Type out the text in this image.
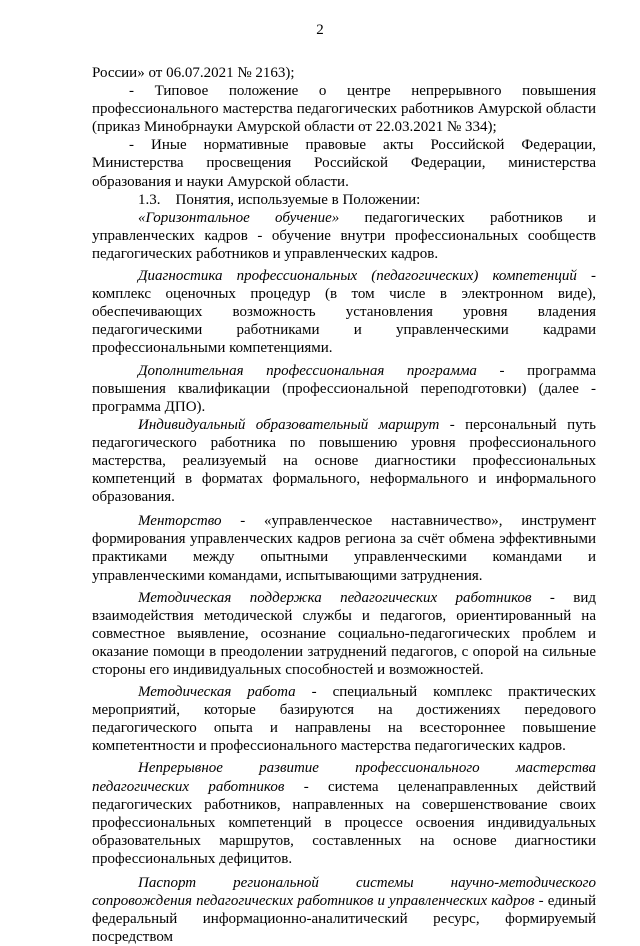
2

России» от 06.07.2021 № 2163);

- Типовое положение о центре непрерывного повышения профессионального мастерства педагогических работников Амурской области (приказ Минобрнауки Амурской области от 22.03.2021 № 334);

- Иные нормативные правовые акты Российской Федерации, Министерства просвещения Российской Федерации, министерства образования и науки Амурской области.

1.3.    Понятия, используемые в Положении:

«Горизонтальное обучение» педагогических работников и управленческих кадров - обучение внутри профессиональных сообществ педагогических работников и управленческих кадров.

Диагностика профессиональных (педагогических) компетенций - комплекс оценочных процедур (в том числе в электронном виде), обеспечивающих возможность установления уровня владения педагогическими работниками и управленческими кадрами профессиональными компетенциями.

Дополнительная профессиональная программа - программа повышения квалификации (профессиональной переподготовки) (далее - программа ДПО).

Индивидуальный образовательный маршрут - персональный путь педагогического работника по повышению уровня профессионального мастерства, реализуемый на основе диагностики профессиональных компетенций в форматах формального, неформального и информального образования.

Менторство - «управленческое наставничество», инструмент формирования управленческих кадров региона за счёт обмена эффективными практиками между опытными управленческими командами и управленческими командами, испытывающими затруднения.

Методическая поддержка педагогических работников - вид взаимодействия методической службы и педагогов, ориентированный на совместное выявление, осознание социально-педагогических проблем и оказание помощи в преодолении затруднений педагогов, с опорой на сильные стороны его индивидуальных способностей и возможностей.

Методическая работа - специальный комплекс практических мероприятий, которые базируются на достижениях передового педагогического опыта и направлены на всестороннее повышение компетентности и профессионального мастерства педагогических кадров.

Непрерывное развитие профессионального мастерства педагогических работников - система целенаправленных действий педагогических работников, направленных на совершенствование своих профессиональных компетенций в процессе освоения индивидуальных образовательных маршрутов, составленных на основе диагностики профессиональных дефицитов.

Паспорт региональной системы научно-методического сопровождения педагогических работников и управленческих кадров - единый федеральный информационно-аналитический ресурс, формируемый посредством
